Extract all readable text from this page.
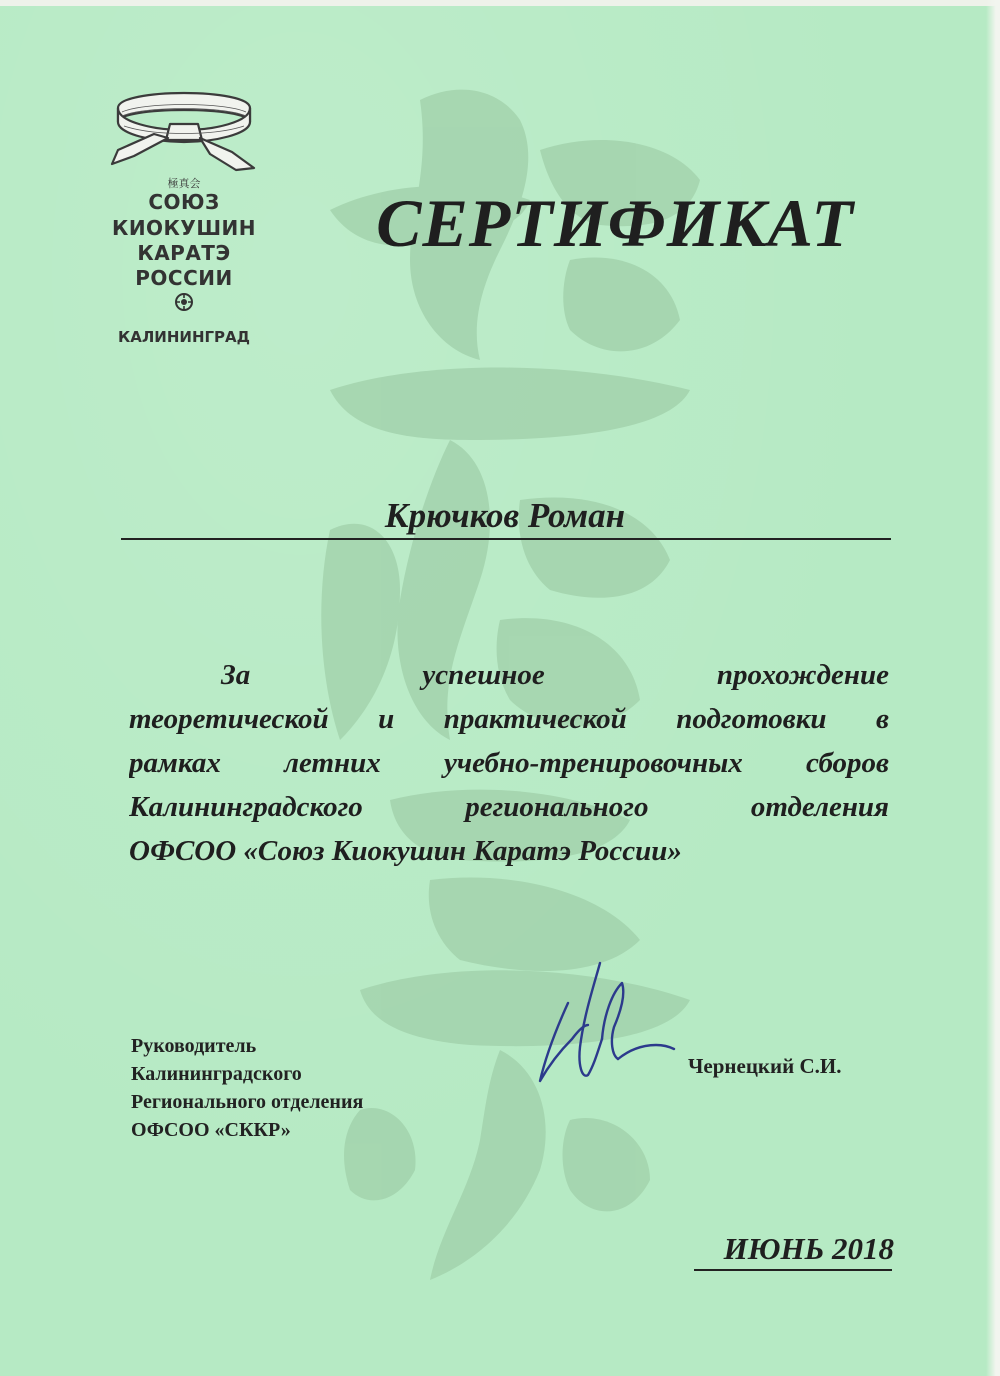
極真会
СОЮЗ
КИОКУШИН
КАРАТЭ
РОССИИ
КАЛИНИНГРАД
СЕРТИФИКАТ
Крючков Роман
За успешное прохождение
теоретической и практической подготовки в
рамках летних учебно-тренировочных сборов
Калининградского регионального отделения
ОФСОО «Союз Киокушин Каратэ России»
Руководитель
Калининградского
Регионального отделения
ОФСОО «СККР»
Чернецкий С.И.
ИЮНЬ 2018
